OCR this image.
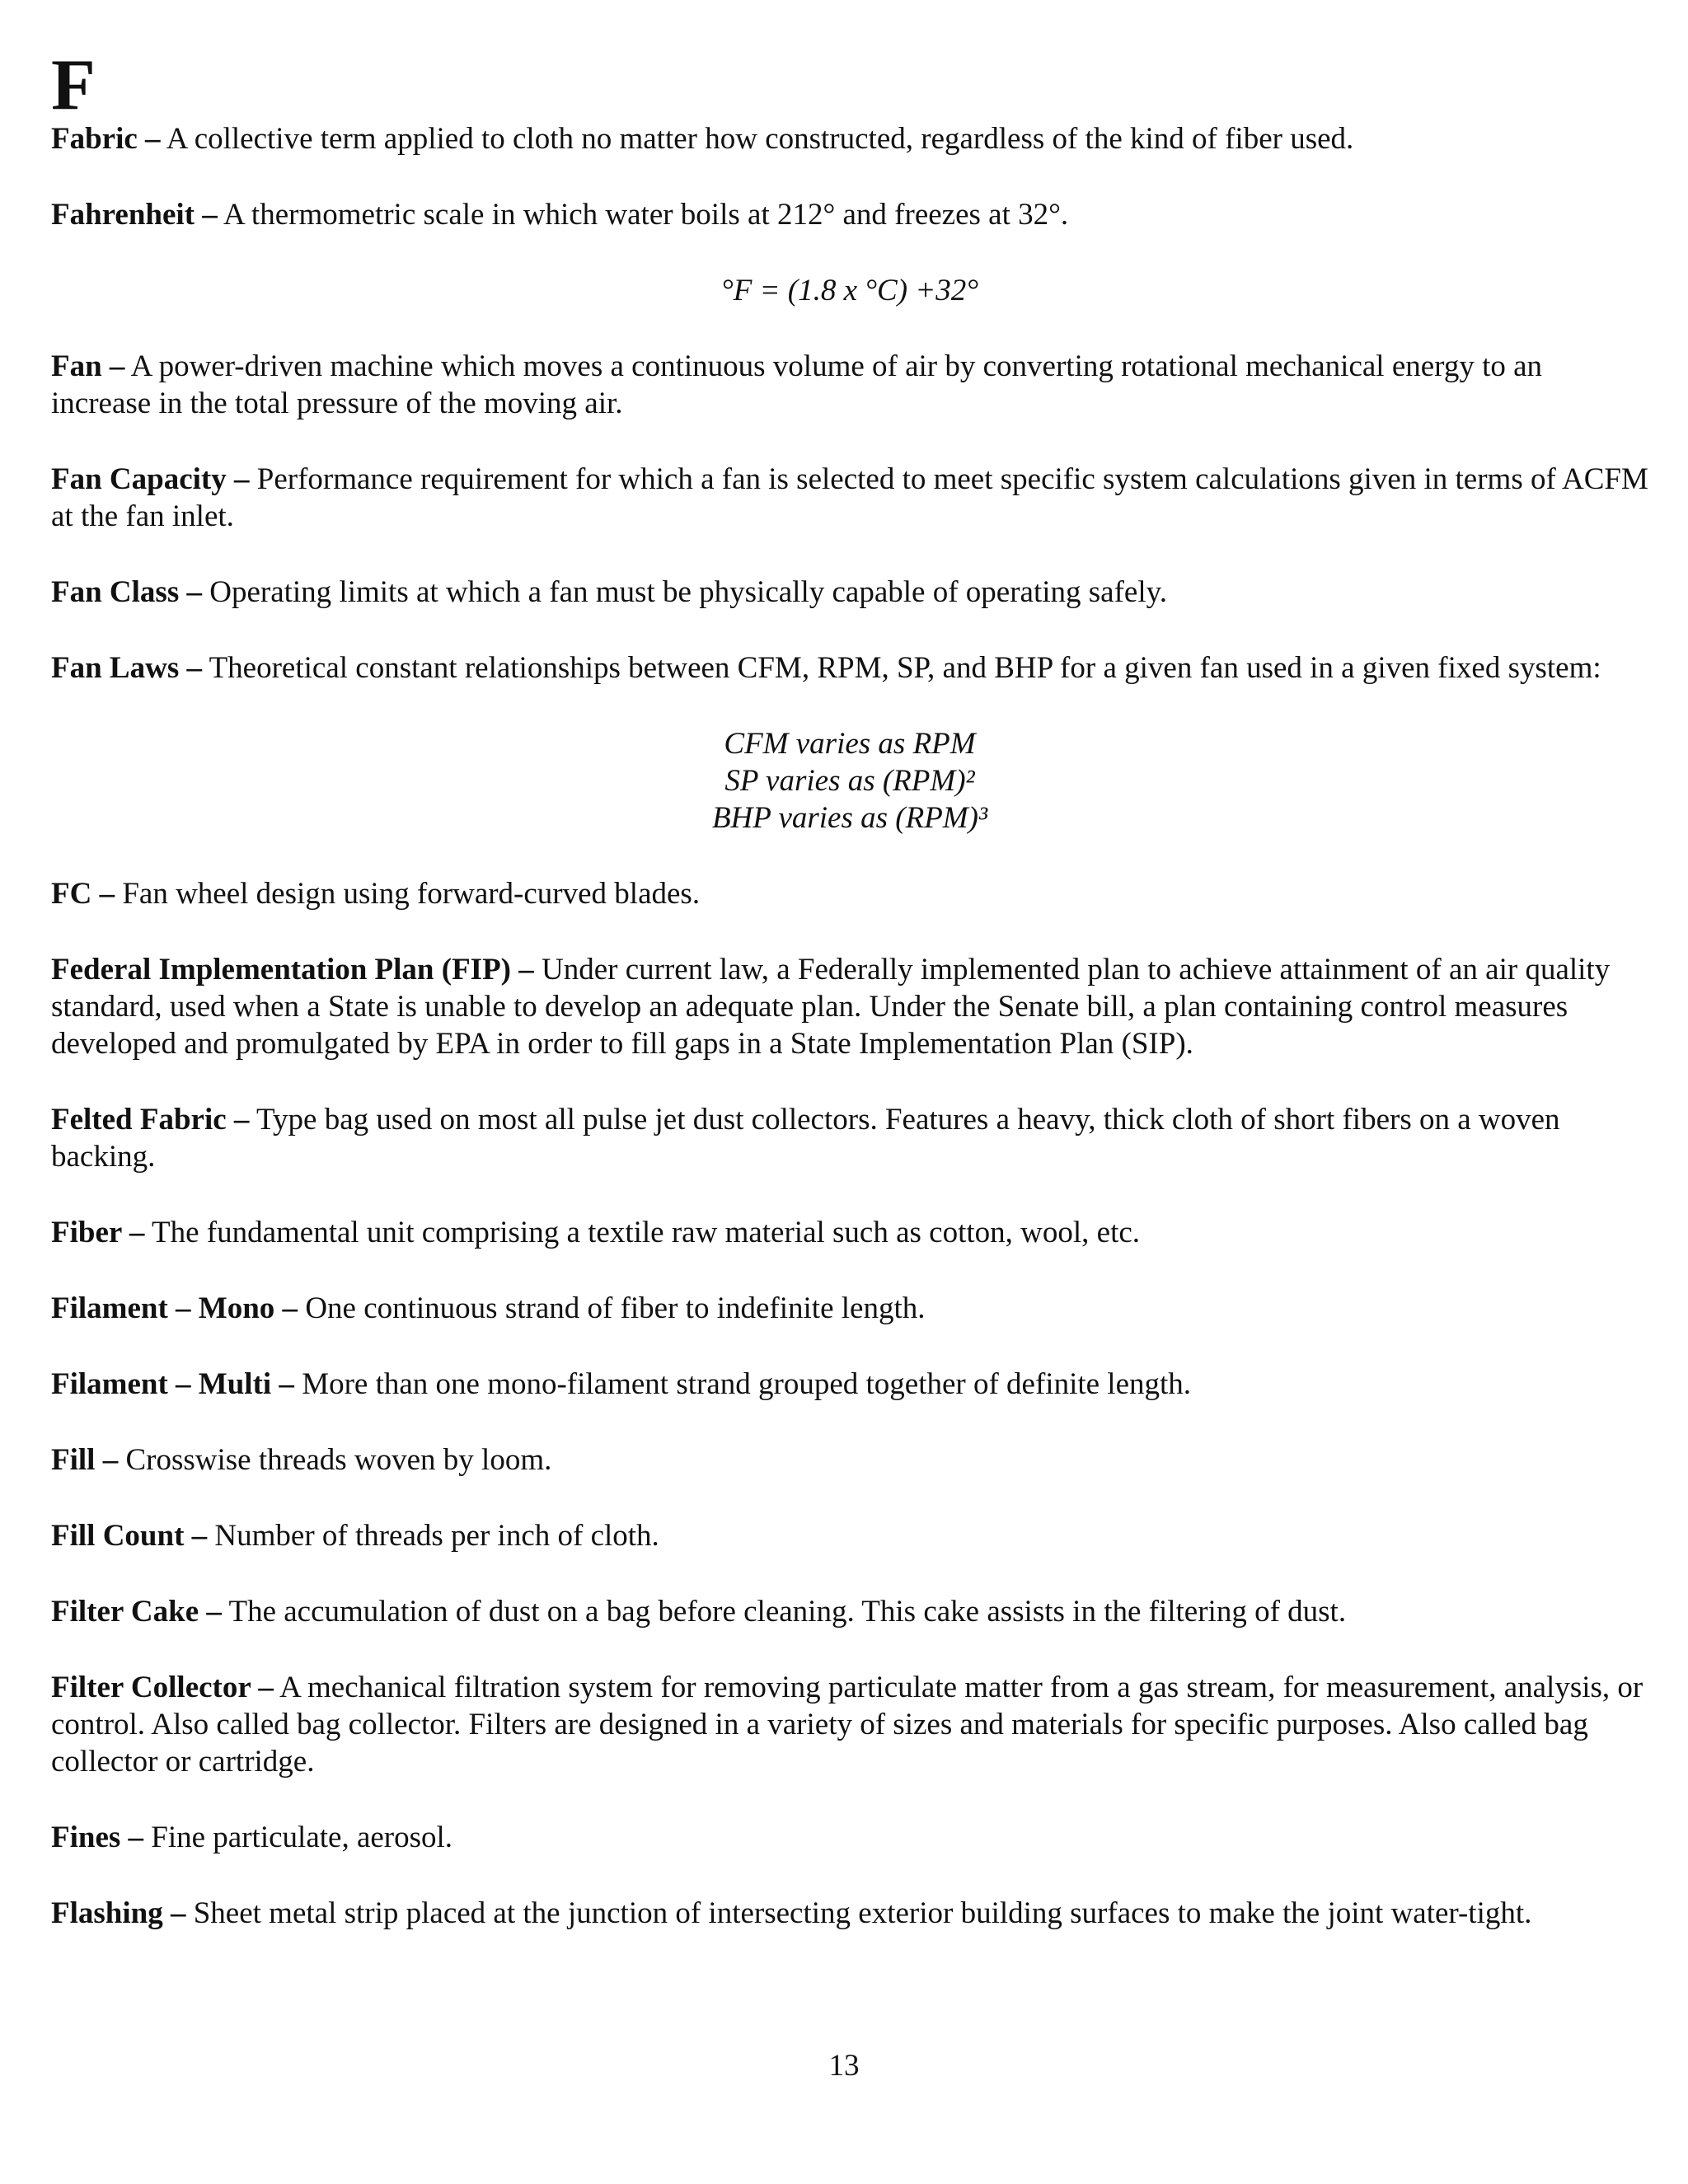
F

Fabric – A collective term applied to cloth no matter how constructed, regardless of the kind of fiber used.

Fahrenheit – A thermometric scale in which water boils at 212° and freezes at 32°.

°F = (1.8 x °C) +32°

Fan – A power-driven machine which moves a continuous volume of air by converting rotational mechanical energy to an increase in the total pressure of the moving air.

Fan Capacity – Performance requirement for which a fan is selected to meet specific system calculations given in terms of ACFM at the fan inlet.

Fan Class – Operating limits at which a fan must be physically capable of operating safely.

Fan Laws – Theoretical constant relationships between CFM, RPM, SP, and BHP for a given fan used in a given fixed system:

CFM varies as RPM

SP varies as (RPM)²

BHP varies as (RPM)³

FC – Fan wheel design using forward-curved blades.

Federal Implementation Plan (FIP) – Under current law, a Federally implemented plan to achieve attainment of an air quality standard, used when a State is unable to develop an adequate plan. Under the Senate bill, a plan containing control measures developed and promulgated by EPA in order to fill gaps in a State Implementation Plan (SIP).

Felted Fabric – Type bag used on most all pulse jet dust collectors. Features a heavy, thick cloth of short fibers on a woven backing.

Fiber – The fundamental unit comprising a textile raw material such as cotton, wool, etc.

Filament – Mono – One continuous strand of fiber to indefinite length.

Filament – Multi – More than one mono-filament strand grouped together of definite length.

Fill – Crosswise threads woven by loom.

Fill Count – Number of threads per inch of cloth.

Filter Cake – The accumulation of dust on a bag before cleaning. This cake assists in the filtering of dust.

Filter Collector – A mechanical filtration system for removing particulate matter from a gas stream, for measurement, analysis, or control. Also called bag collector. Filters are designed in a variety of sizes and materials for specific purposes. Also called bag collector or cartridge.

Fines – Fine particulate, aerosol.

Flashing – Sheet metal strip placed at the junction of intersecting exterior building surfaces to make the joint water-tight.

13
